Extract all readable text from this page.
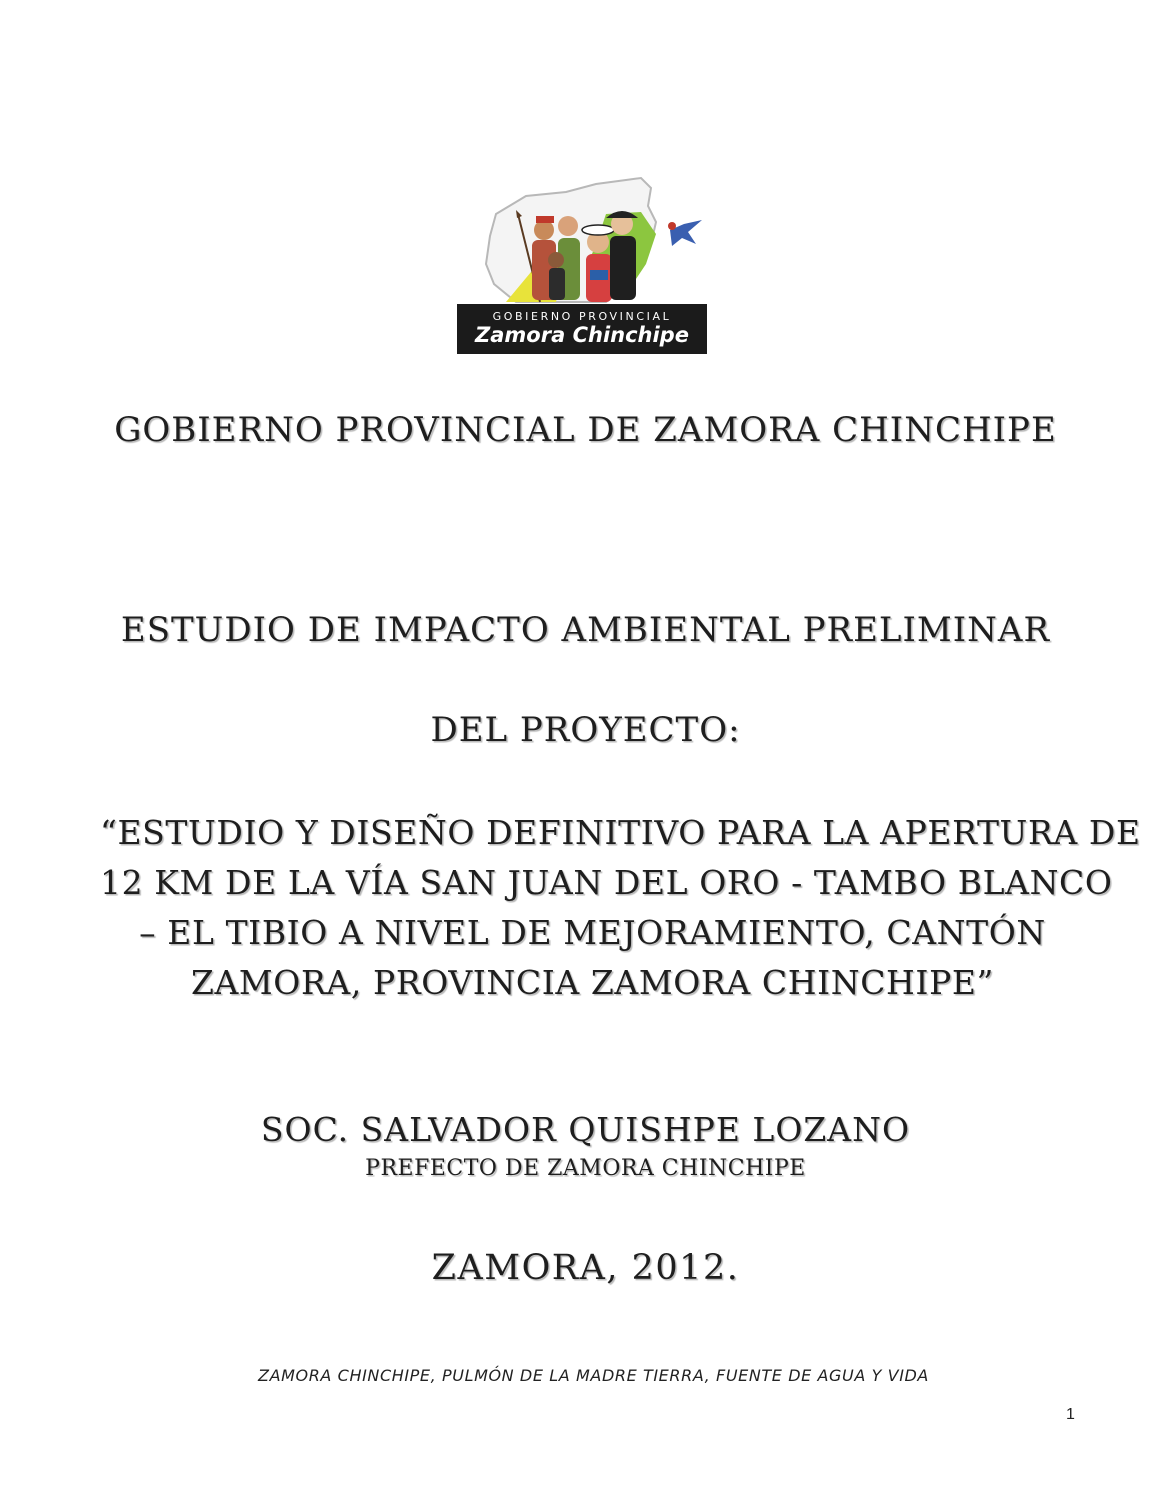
GOBIERNO PROVINCIAL
Zamora Chinchipe
GOBIERNO PROVINCIAL DE ZAMORA CHINCHIPE
ESTUDIO DE IMPACTO AMBIENTAL PRELIMINAR
DEL PROYECTO:
“ESTUDIO Y DISEÑO DEFINITIVO PARA LA APERTURA DE
12 KM DE LA VÍA SAN JUAN DEL ORO - TAMBO BLANCO
– EL TIBIO A NIVEL DE MEJORAMIENTO, CANTÓN
ZAMORA, PROVINCIA ZAMORA CHINCHIPE”
SOC. SALVADOR QUISHPE LOZANO
PREFECTO DE ZAMORA CHINCHIPE
ZAMORA, 2012.
ZAMORA CHINCHIPE, PULMÓN DE LA MADRE TIERRA, FUENTE DE AGUA Y VIDA
1
